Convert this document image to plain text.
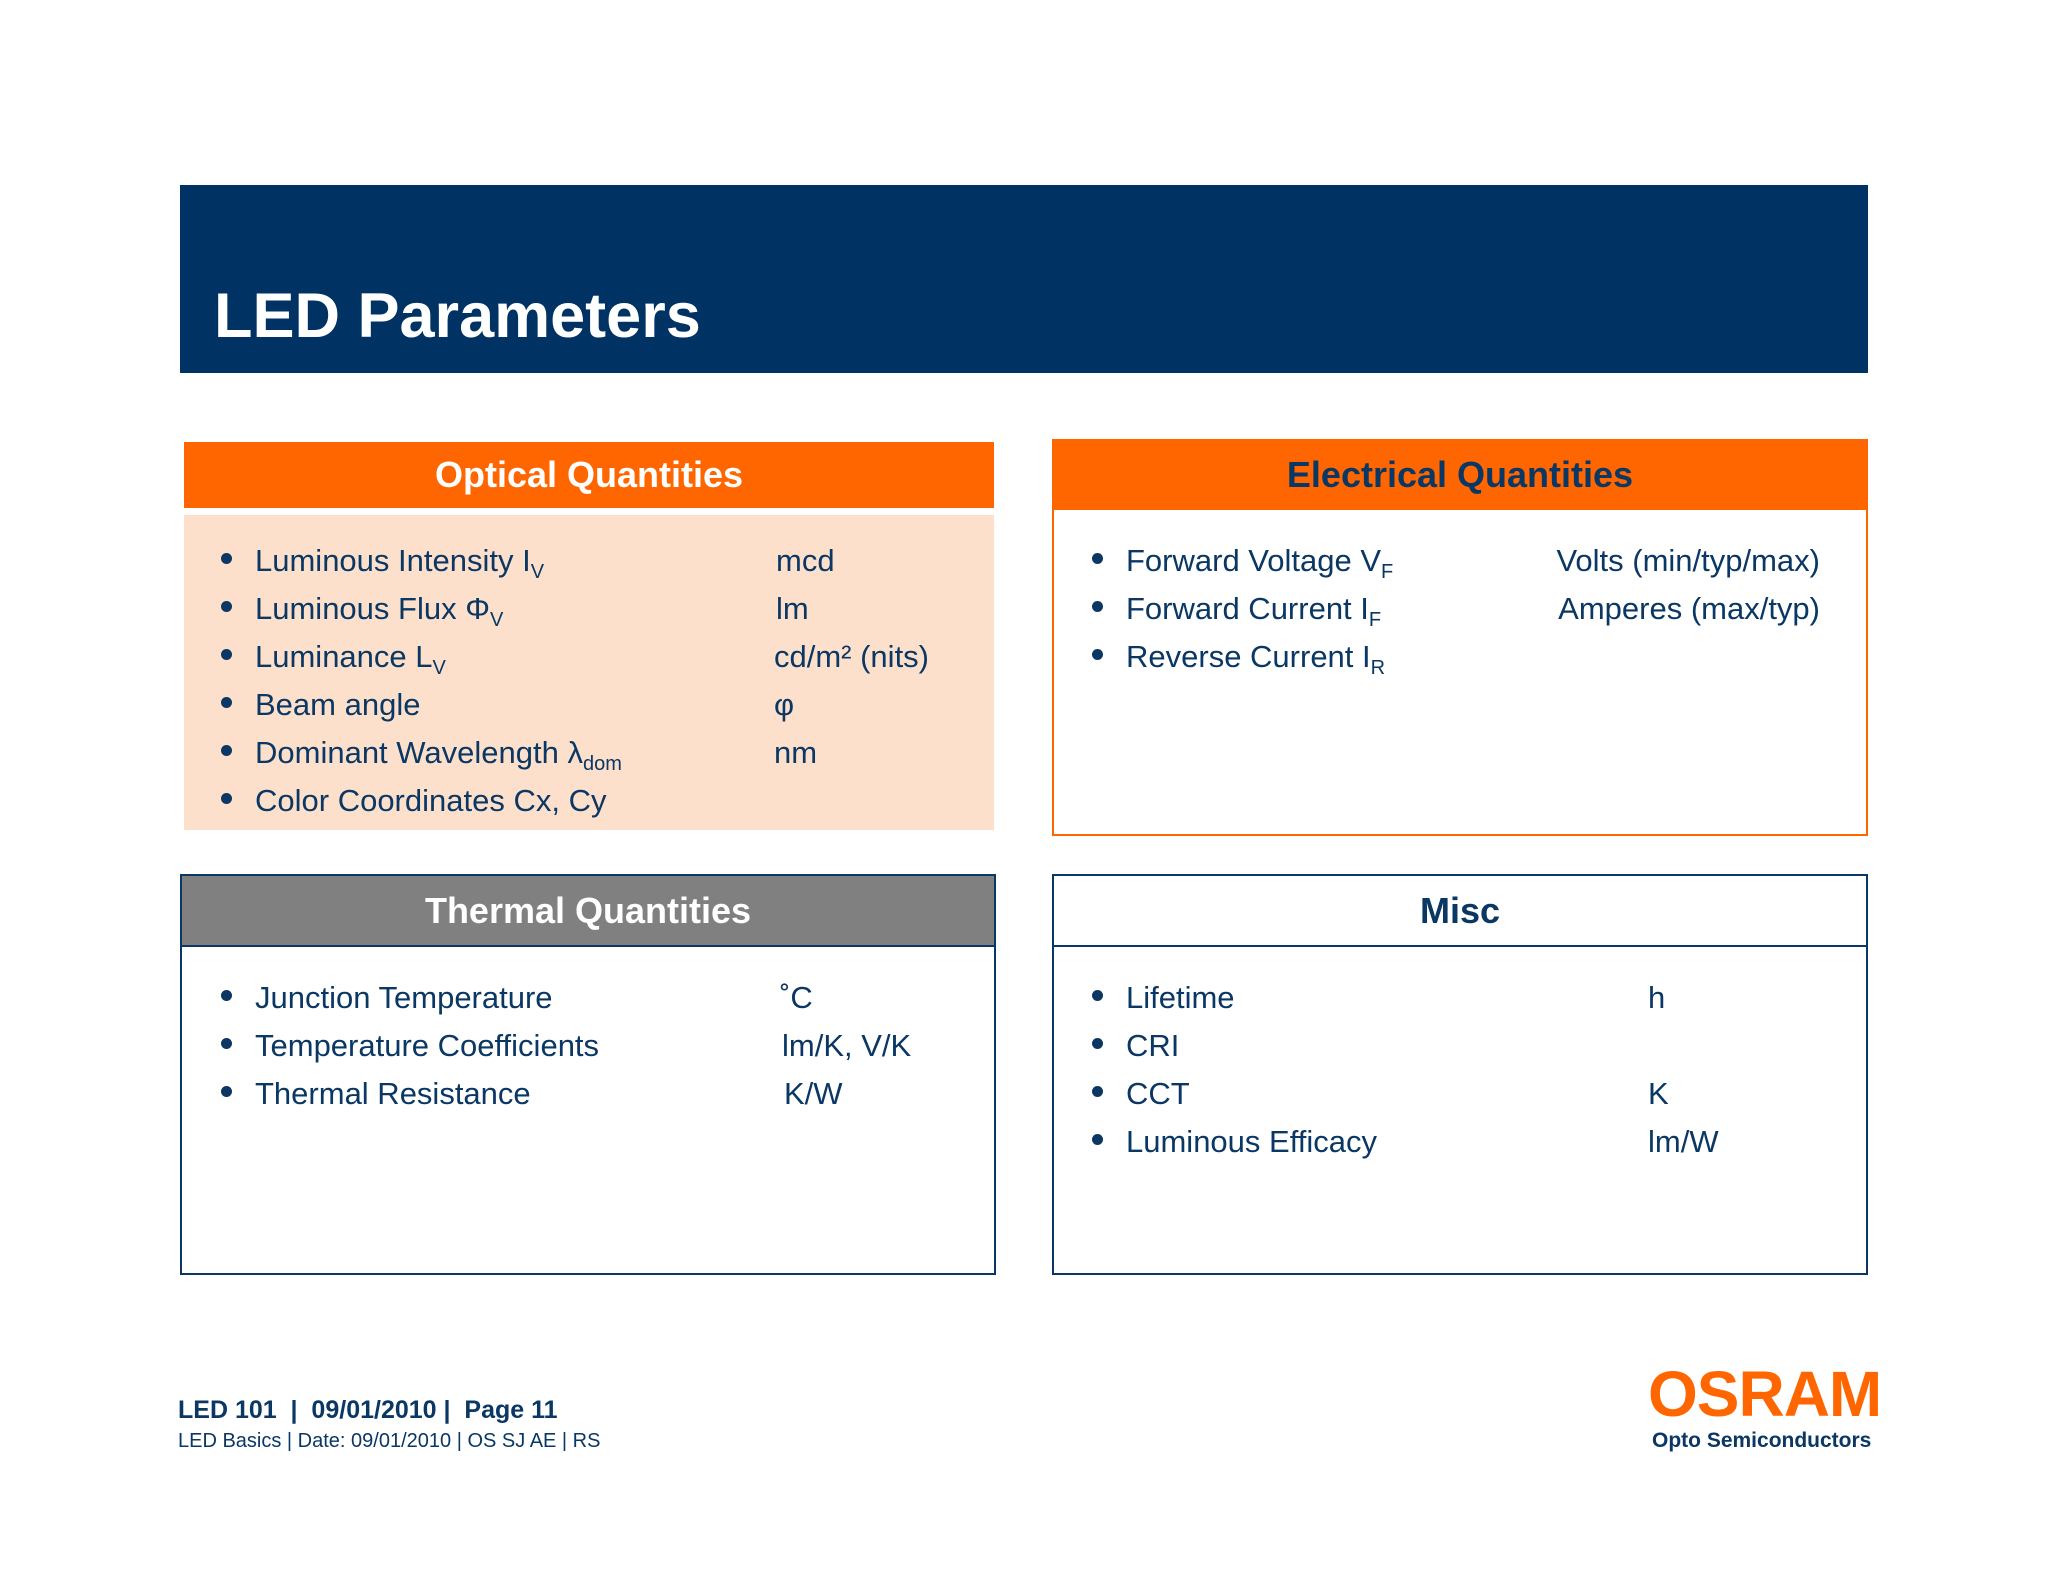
LED Parameters
Optical Quantities
Luminous Intensity $I_V$	mcd
Luminous Flux $\Phi_V$	lm
Luminance $L_V$	cd/m² (nits)
Beam angle	φ
Dominant Wavelength $\lambda_{dom}$	nm
Color Coordinates Cx, Cy
Electrical Quantities
Forward Voltage $V_F$	Volts (min/typ/max)
Forward Current $I_F$	Amperes (max/typ)
Reverse Current $I_R$
Thermal Quantities
Junction Temperature	˚C
Temperature Coefficients	lm/K, V/K
Thermal Resistance	K/W
Misc
Lifetime	h
CRI
CCT	K
Luminous Efficacy	lm/W
LED 101  |  09/01/2010 |  Page 11
LED Basics | Date: 09/01/2010 | OS SJ AE | RS
OSRAM
Opto Semiconductors
